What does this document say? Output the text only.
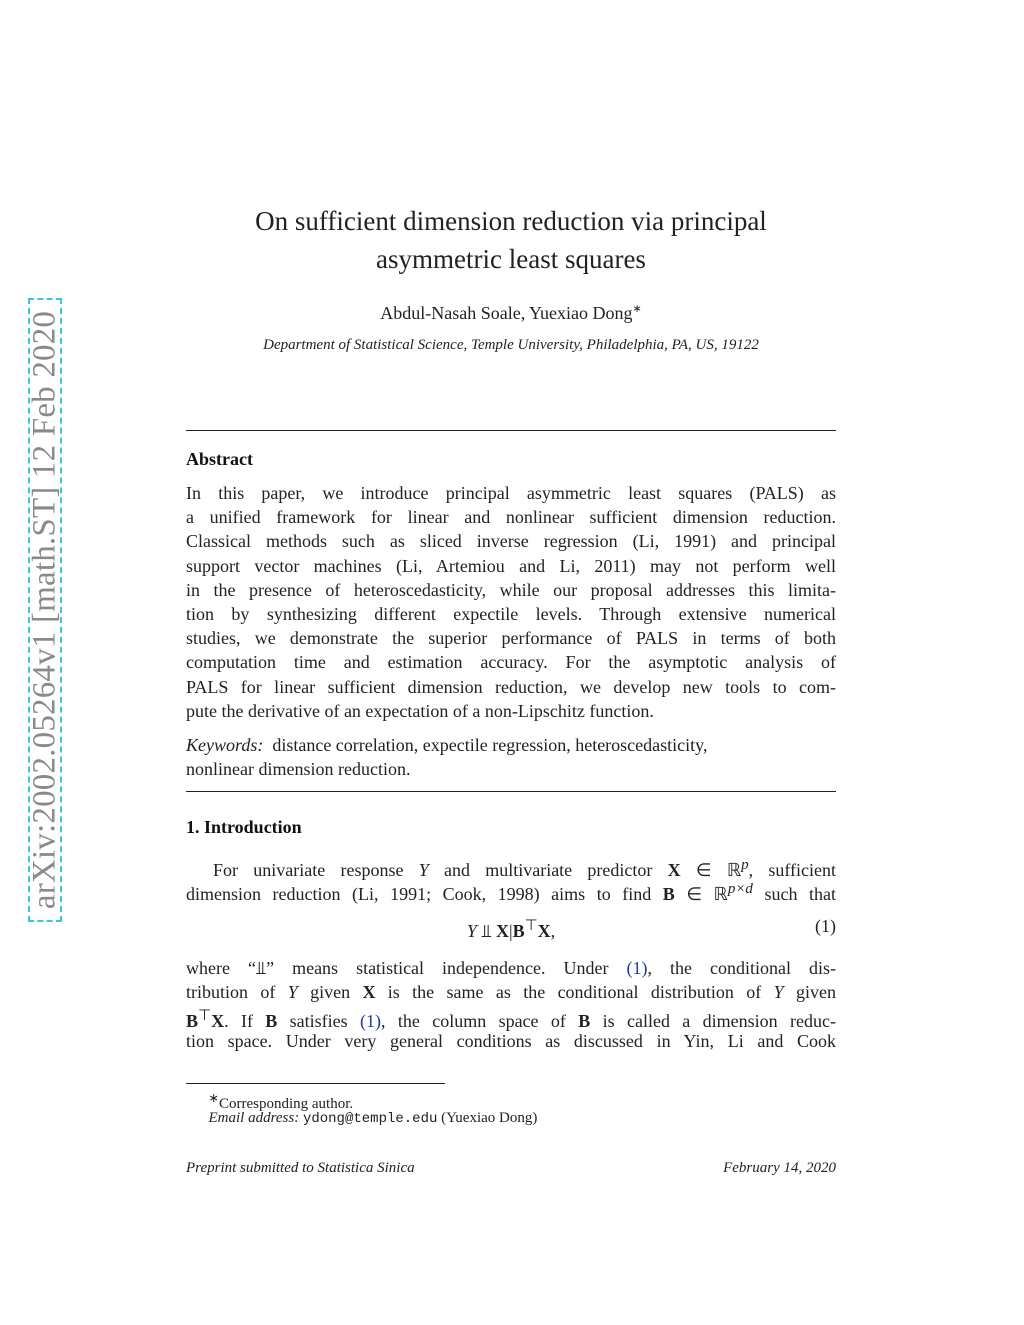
arXiv:2002.05264v1 [math.ST] 12 Feb 2020
On sufficient dimension reduction via principal
asymmetric least squares
Abdul-Nasah Soale, Yuexiao Dong∗
Department of Statistical Science, Temple University, Philadelphia, PA, US, 19122
Abstract
In this paper, we introduce principal asymmetric least squares (PALS) as
a unified framework for linear and nonlinear sufficient dimension reduction.
Classical methods such as sliced inverse regression (Li, 1991) and principal
support vector machines (Li, Artemiou and Li, 2011) may not perform well
in the presence of heteroscedasticity, while our proposal addresses this limita-
tion by synthesizing different expectile levels. Through extensive numerical
studies, we demonstrate the superior performance of PALS in terms of both
computation time and estimation accuracy. For the asymptotic analysis of
PALS for linear sufficient dimension reduction, we develop new tools to com-
pute the derivative of an expectation of a non-Lipschitz function.
Keywords: distance correlation, expectile regression, heteroscedasticity,
nonlinear dimension reduction.
1. Introduction
  For univariate response Y and multivariate predictor X ∈ ℝ$^p$, sufficient
dimension reduction (Li, 1991; Cook, 1998) aims to find B ∈ ℝ$^{p\times d}$ such that
Y ⫫ X|B⊤X,	(1)
where “⫫” means statistical independence. Under (1), the conditional dis-
tribution of Y given X is the same as the conditional distribution of Y given
B⊤X. If B satisfies (1), the column space of B is called a dimension reduc-
tion space. Under very general conditions as discussed in Yin, Li and Cook
  ∗Corresponding author.
  Email address: ydong@temple.edu (Yuexiao Dong)
Preprint submitted to Statistica Sinica	February 14, 2020
